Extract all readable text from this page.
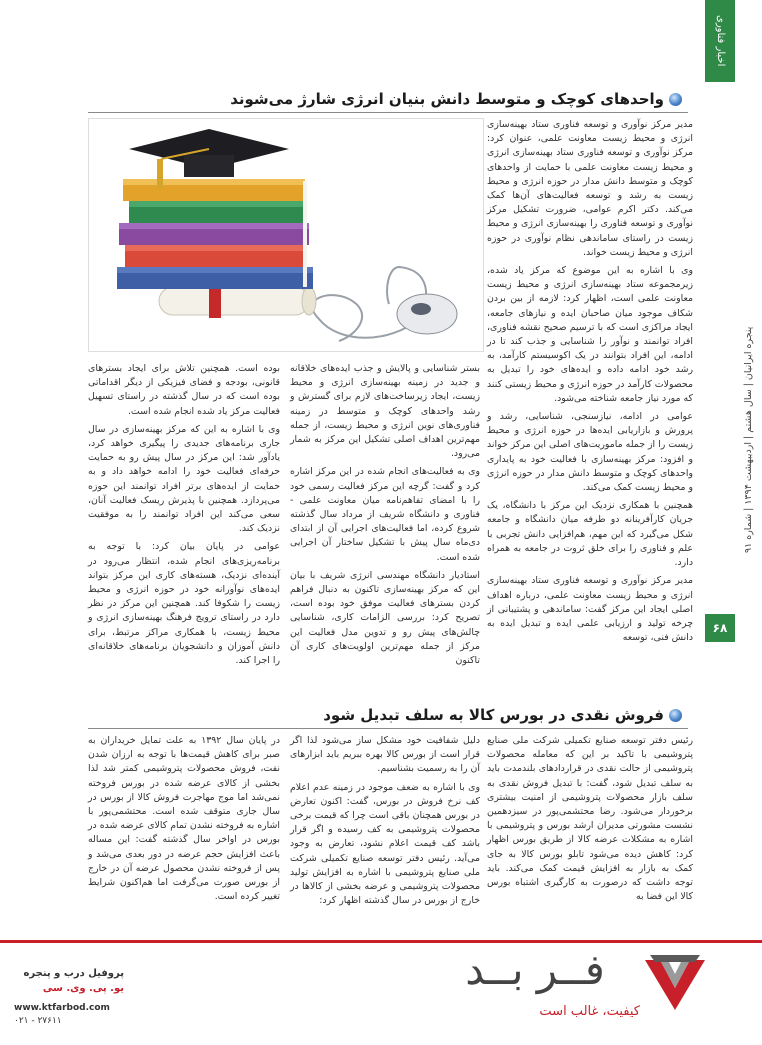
اخبار فناوری
پنجره ایرانیان | سال هشتم | اردیبهشت ۱۳۹۴ | شماره ۹۱
۶۸
واحدهای کوچک و متوسط دانش بنیان انرژی شارژ می‌شوند

مدیر مرکز نوآوری و توسعه فناوری ستاد بهینه‌سازی انرژی و محیط زیست معاونت علمی، عنوان کرد: مرکز نوآوری و توسعه فناوری ستاد بهینه‌سازی انرژی و محیط زیست معاونت علمی با حمایت از واحدهای کوچک و متوسط دانش مدار در حوزه انرژی و محیط زیست به رشد و توسعه فعالیت‌های آن‌ها کمک می‌کند. دکتر اکرم عوامی، ضرورت تشکیل مرکز نوآوری و توسعه فناوری را بهینه‌سازی انرژی و محیط زیست در راستای ساماندهی نظام نوآوری در حوزه انرژی و محیط زیست خواند.

وی با اشاره به این موضوع که مرکز یاد شده، زیرمجموعه ستاد بهینه‌سازی انرژی و محیط زیست معاونت علمی است، اظهار کرد: لازمه از بین بردن شکاف موجود میان صاحبان ایده و نیازهای جامعه، ایجاد مراکزی است که با ترسیم صحیح نقشه فناوری، افراد توانمند و نوآور را شناسایی و جذب کند تا در ادامه، این افراد بتوانند در یک اکوسیستم کارآمد، به رشد خود ادامه داده و ایده‌های خود را تبدیل به محصولات کارآمد در حوزه انرژی و محیط زیستی کنند که مورد نیاز جامعه شناخته می‌شود.

عوامی در ادامه، نیازسنجی، شناسایی، رشد و پرورش و بازاریابی ایده‌ها در حوزه انرژی و محیط زیست را از جمله ماموریت‌های اصلی این مرکز خواند و افزود: مرکز بهینه‌سازی با فعالیت خود به پایداری واحدهای کوچک و متوسط دانش مدار در حوزه انرژی و محیط زیست کمک می‌کند.

همچنین با همکاری نزدیک این مرکز با دانشگاه، یک جریان کارآفرینانه دو طرفه میان دانشگاه و جامعه شکل می‌گیرد که این مهم، هم‌افزایی دانش تجربی با علم و فناوری را برای خلق ثروت در جامعه به همراه دارد.

مدیر مرکز نوآوری و توسعه فناوری ستاد بهینه‌سازی انرژی و محیط زیست معاونت علمی، درباره اهداف اصلی ایجاد این مرکز گفت: ساماندهی و پشتیبانی از چرخه تولید و ارزیابی علمی ایده و تبدیل ایده به دانش فنی، توسعه

بستر شناسایی و پالایش و جذب ایده‌های خلاقانه و جدید در زمینه بهینه‌سازی انرژی و محیط زیست، ایجاد زیرساخت‌های لازم برای گسترش و رشد واحدهای کوچک و متوسط در زمینه فناوری‌های نوین انرژی و محیط زیست، از جمله مهم‌ترین اهداف اصلی تشکیل این مرکز به شمار می‌رود.

وی به فعالیت‌های انجام شده در این مرکز اشاره کرد و گفت: گرچه این مرکز فعالیت رسمی خود را با امضای تفاهم‌نامه میان معاونت علمی - فناوری و دانشگاه شریف از مرداد سال گذشته شروع کرده، اما فعالیت‌های اجرایی آن از ابتدای دی‌ماه سال پیش با تشکیل ساختار آن اجرایی شده است.

استادیار دانشگاه مهندسی انرژی شریف با بیان این که مرکز بهینه‌سازی تاکنون به دنبال فراهم کردن بسترهای فعالیت موفق خود بوده است، تصریح کرد: بررسی الزامات کاری، شناسایی چالش‌های پیش رو و تدوین مدل فعالیت این مرکز از جمله مهم‌ترین اولویت‌های کاری آن تاکنون

بوده است. همچنین تلاش برای ایجاد بسترهای قانونی، بودجه و فضای فیزیکی از دیگر اقداماتی بوده است که در سال گذشته در راستای تسهیل فعالیت مرکز یاد شده انجام شده است.

وی با اشاره به این که مرکز بهینه‌سازی در سال جاری برنامه‌های جدیدی را پیگیری خواهد کرد، یادآور شد: این مرکز در سال پیش رو به حمایت حرفه‌ای فعالیت خود را ادامه خواهد داد و به حمایت از ایده‌های برتر افراد توانمند این حوزه می‌پردازد. همچنین با پذیرش ریسک فعالیت آنان، سعی می‌کند این افراد توانمند را به موفقیت نزدیک کند.

عوامی در پایان بیان کرد: با توجه به برنامه‌ریزی‌های انجام شده، انتظار می‌رود در آینده‌ای نزدیک، هسته‌های کاری این مرکز بتواند ایده‌های نوآورانه خود در حوزه انرژی و محیط زیست را شکوفا کند. همچنین این مرکز در نظر دارد در راستای ترویج فرهنگ بهینه‌سازی انرژی و محیط زیست، با همکاری مراکز مرتبط، برای دانش آموزان و دانشجویان برنامه‌های خلاقانه‌ای را اجرا کند.

فروش نقدی در بورس کالا به سلف تبدیل شود

رئیس دفتر توسعه صنایع تکمیلی شرکت ملی صنایع پتروشیمی با تاکید بر این که معامله محصولات پتروشیمی از حالت نقدی در قراردادهای بلندمدت باید به سلف تبدیل شود، گفت: با تبدیل فروش نقدی به سلف بازار محصولات پتروشیمی از امنیت بیشتری برخوردار می‌شود. رضا محتشمی‌پور در سیزدهمین نشست مشورتی مدیران ارشد بورس و پتروشیمی با اشاره به مشکلات عرضه کالا از طریق بورس اظهار کرد: کاهش دیده می‌شود تابلو بورس کالا به جای کمک به بازار به افزایش قیمت کمک می‌کند. باید توجه داشت که درصورت به کارگیری اشتباه بورس کالا این فضا به

دلیل شفافیت خود مشکل ساز می‌شود لذا اگر قرار است از بورس کالا بهره ببریم باید ابزارهای آن را به رسمیت بشناسیم.

وی با اشاره به ضعف موجود در زمینه عدم اعلام کف نرخ فروش در بورس، گفت: اکنون تعارض در بورس همچنان باقی است چرا که قیمت برخی محصولات پتروشیمی به کف رسیده و اگر قرار باشد کف قیمت اعلام نشود، تعارض به وجود می‌آید. رئیس دفتر توسعه صنایع تکمیلی شرکت ملی صنایع پتروشیمی با اشاره به افزایش تولید محصولات پتروشیمی و عرضه بخشی از کالاها در خارج از بورس در سال گذشته اظهار کرد:

در پایان سال ۱۳۹۲ به علت تمایل خریداران به صبر برای کاهش قیمت‌ها با توجه به ارزان شدن نفت، فروش محصولات پتروشیمی کمتر شد لذا بخشی از کالای عرضه شده در بورس فروخته نمی‌شد اما موج مهاجرت فروش کالا از بورس در سال جاری متوقف شده است. محتشمی‌پور با اشاره به فروخته نشدن تمام کالای عرضه شده در بورس در اواخر سال گذشته گفت: این مساله باعث افزایش حجم عرضه در دور بعدی می‌شد و پس از فروخته نشدن محصول عرضه آن در خارج از بورس صورت می‌گرفت اما هم‌اکنون شرایط تغییر کرده است.

فــر بــد
کیفیت، غالب است
پروفیل درب و پنجره
یو. پی. وی. سی
www.ktfarbod.com
۰۲۱ - ۲۷۶۱۱
